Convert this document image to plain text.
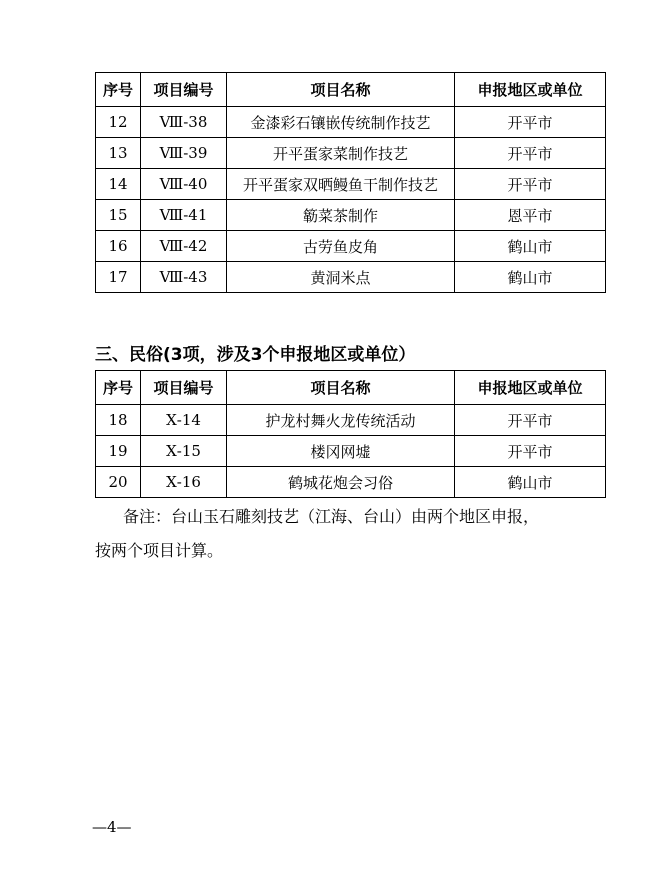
序号	项目编号	项目名称	申报地区或单位
12	Ⅷ-38	金漆彩石镶嵌传统制作技艺	开平市
13	Ⅷ-39	开平蛋家菜制作技艺	开平市
14	Ⅷ-40	开平蛋家双晒鳗鱼干制作技艺	开平市
15	Ⅷ-41	簕菜茶制作	恩平市
16	Ⅷ-42	古劳鱼皮角	鹤山市
17	Ⅷ-43	黄洞米点	鹤山市
三、民俗(3项，涉及3个申报地区或单位）
序号	项目编号	项目名称	申报地区或单位
18	Ⅹ-14	护龙村舞火龙传统活动	开平市
19	Ⅹ-15	楼冈网墟	开平市
20	Ⅹ-16	鹤城花炮会习俗	鹤山市
备注：台山玉石雕刻技艺（江海、台山）由两个地区申报，
按两个项目计算。
—4—
